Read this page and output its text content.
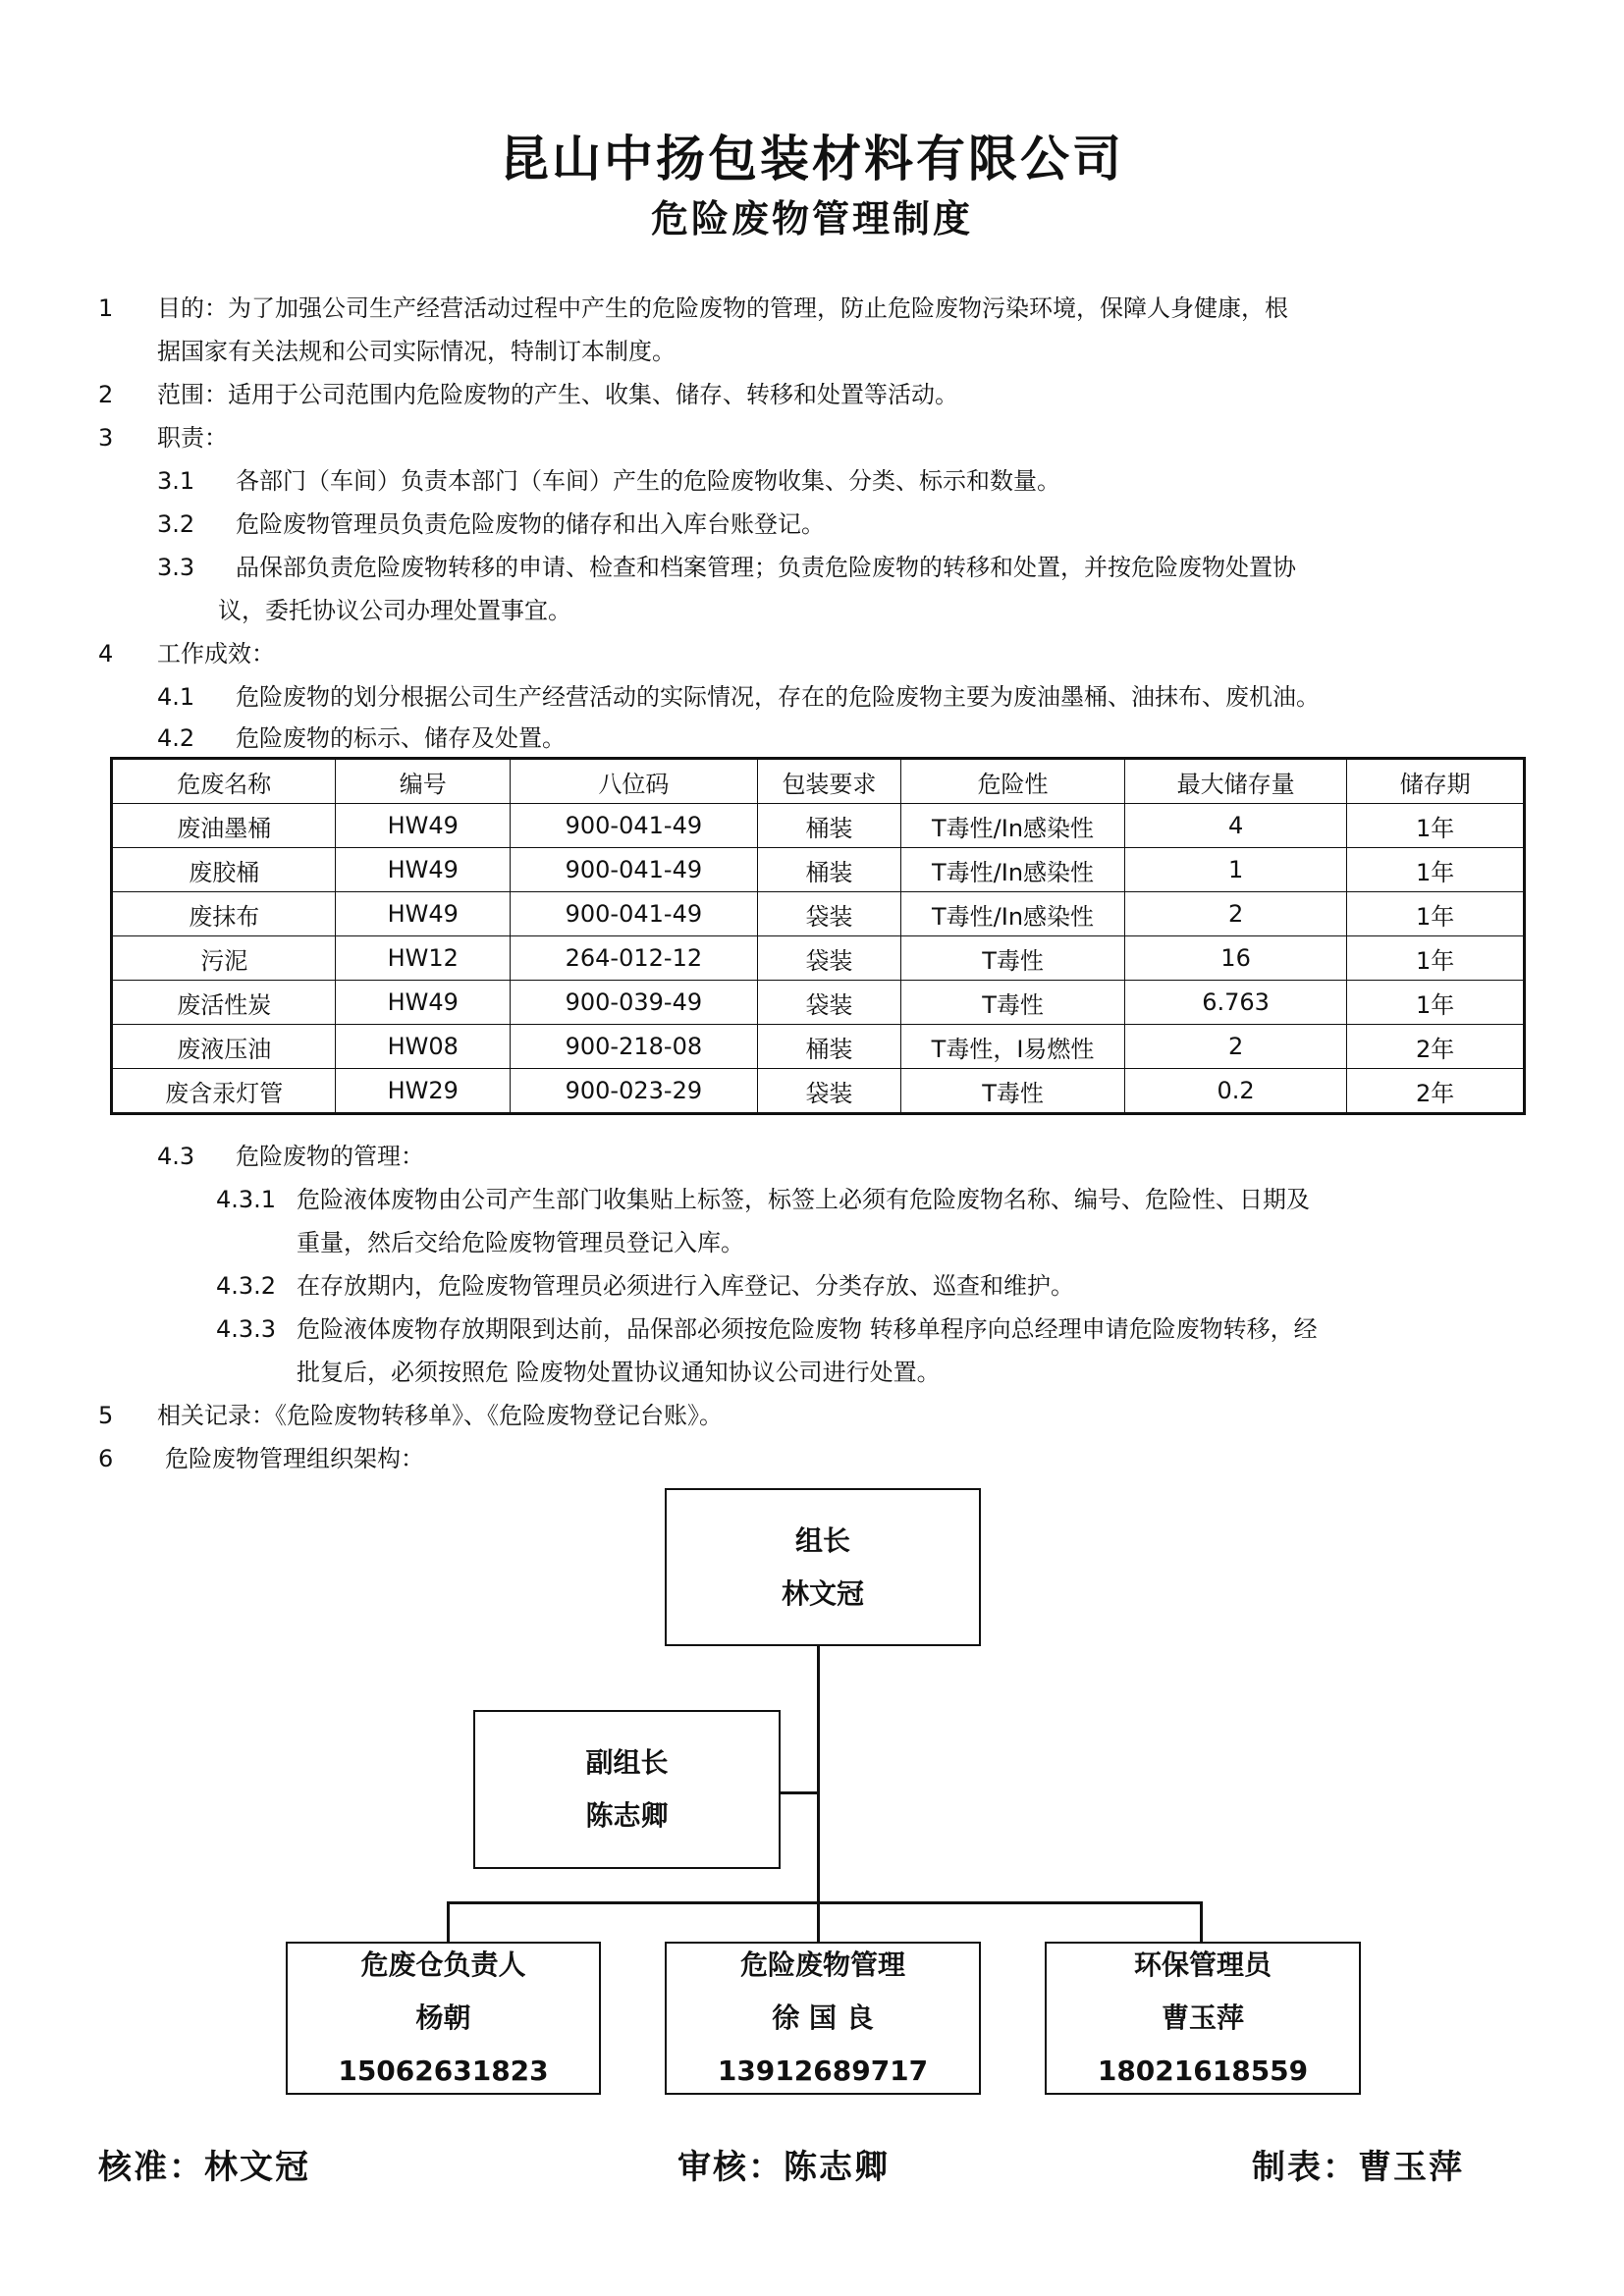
昆山中扬包装材料有限公司
危险废物管理制度
1 目的：为了加强公司生产经营活动过程中产生的危险废物的管理，防止危险废物污染环境，保障人身健康，根
据国家有关法规和公司实际情况，特制订本制度。
2 范围：适用于公司范围内危险废物的产生、收集、储存、转移和处置等活动。
3 职责：
3.1 各部门（车间）负责本部门（车间）产生的危险废物收集、分类、标示和数量。
3.2 危险废物管理员负责危险废物的储存和出入库台账登记。
3.3 品保部负责危险废物转移的申请、检查和档案管理；负责危险废物的转移和处置，并按危险废物处置协
议，委托协议公司办理处置事宜。
4 工作成效：
4.1 危险废物的划分根据公司生产经营活动的实际情况，存在的危险废物主要为废油墨桶、油抹布、废机油。
4.2 危险废物的标示、储存及处置。
危废名称	编号	八位码	包装要求	危险性	最大储存量	储存期
废油墨桶	HW49	900-041-49	桶装	T毒性/In感染性	4	1年
废胶桶	HW49	900-041-49	桶装	T毒性/In感染性	1	1年
废抹布	HW49	900-041-49	袋装	T毒性/In感染性	2	1年
污泥	HW12	264-012-12	袋装	T毒性	16	1年
废活性炭	HW49	900-039-49	袋装	T毒性	6.763	1年
废液压油	HW08	900-218-08	桶装	T毒性，I易燃性	2	2年
废含汞灯管	HW29	900-023-29	袋装	T毒性	0.2	2年
4.3 危险废物的管理：
4.3.1 危险液体废物由公司产生部门收集贴上标签，标签上必须有危险废物名称、编号、危险性、日期及
重量，然后交给危险废物管理员登记入库。
4.3.2 在存放期内，危险废物管理员必须进行入库登记、分类存放、巡查和维护。
4.3.3 危险液体废物存放期限到达前，品保部必须按危险废物 转移单程序向总经理申请危险废物转移，经
批复后，必须按照危 险废物处置协议通知协议公司进行处置。
5 相关记录：《危险废物转移单》、《危险废物登记台账》。
6 危险废物管理组织架构：
组长
林文冠
副组长
陈志卿
危废仓负责人
杨朝
15062631823
危险废物管理
徐 国 良
13912689717
环保管理员
曹玉萍
18021618559
核准：林文冠	审核：陈志卿	制表：曹玉萍
